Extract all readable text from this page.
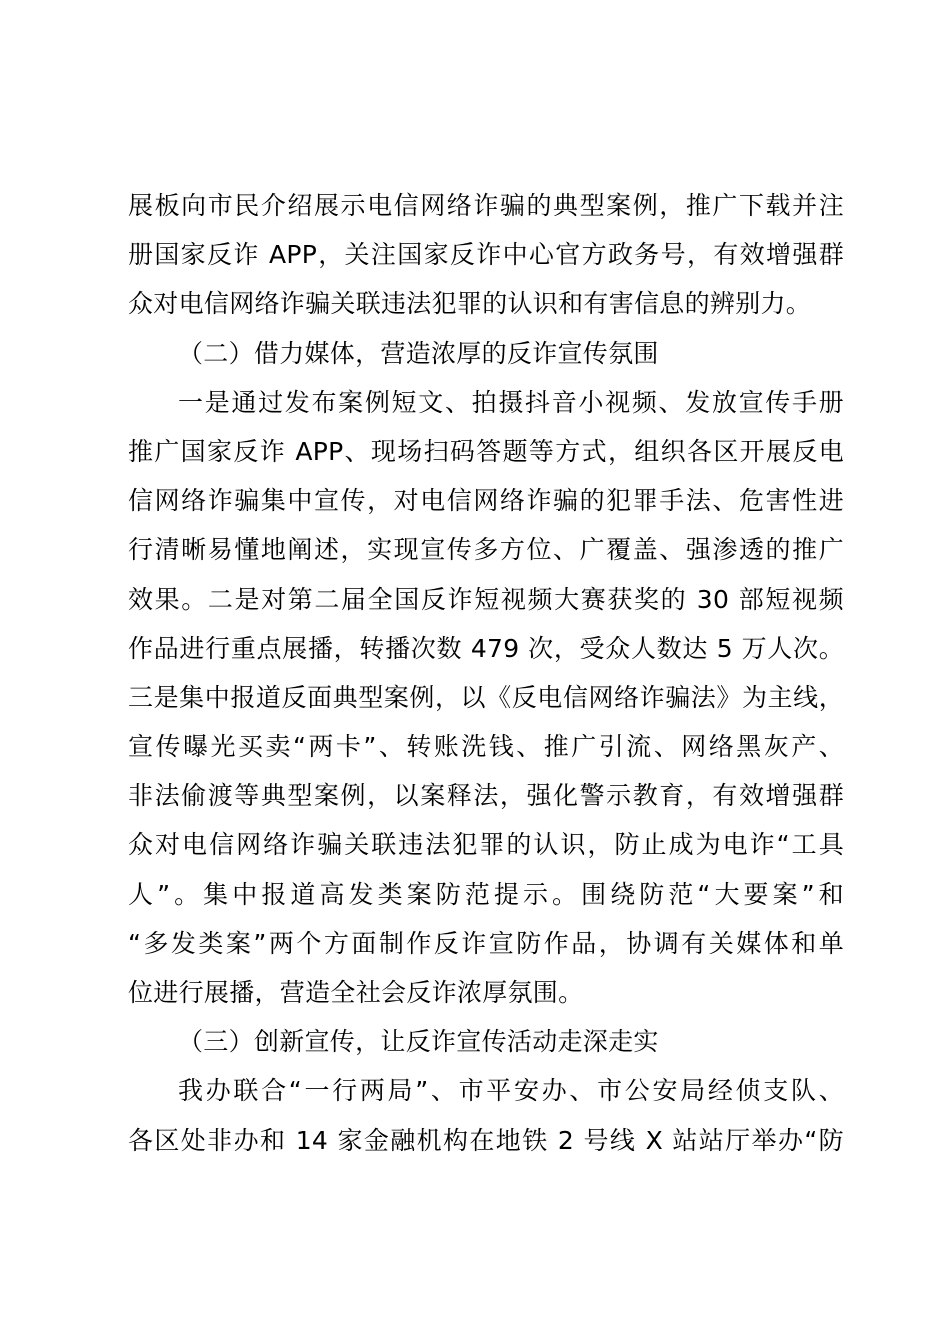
展板向市民介绍展示电信网络诈骗的典型案例，推广下载并注
册国家反诈 APP，关注国家反诈中心官方政务号，有效增强群
众对电信网络诈骗关联违法犯罪的认识和有害信息的辨别力。
（二）借力媒体，营造浓厚的反诈宣传氛围
一是通过发布案例短文、拍摄抖音小视频、发放宣传手册
推广国家反诈 APP、现场扫码答题等方式，组织各区开展反电
信网络诈骗集中宣传，对电信网络诈骗的犯罪手法、危害性进
行清晰易懂地阐述，实现宣传多方位、广覆盖、强渗透的推广
效果。二是对第二届全国反诈短视频大赛获奖的 30 部短视频
作品进行重点展播，转播次数 479 次，受众人数达 5 万人次。
三是集中报道反面典型案例，以《反电信网络诈骗法》为主线，
宣传曝光买卖“两卡”、转账洗钱、推广引流、网络黑灰产、
非法偷渡等典型案例，以案释法，强化警示教育，有效增强群
众对电信网络诈骗关联违法犯罪的认识，防止成为电诈“工具
人”。集中报道高发类案防范提示。围绕防范“大要案”和
“多发类案”两个方面制作反诈宣防作品，协调有关媒体和单
位进行展播，营造全社会反诈浓厚氛围。
（三）创新宣传，让反诈宣传活动走深走实
我办联合“一行两局”、市平安办、市公安局经侦支队、
各区处非办和 14 家金融机构在地铁 2 号线 X 站站厅举办“防
